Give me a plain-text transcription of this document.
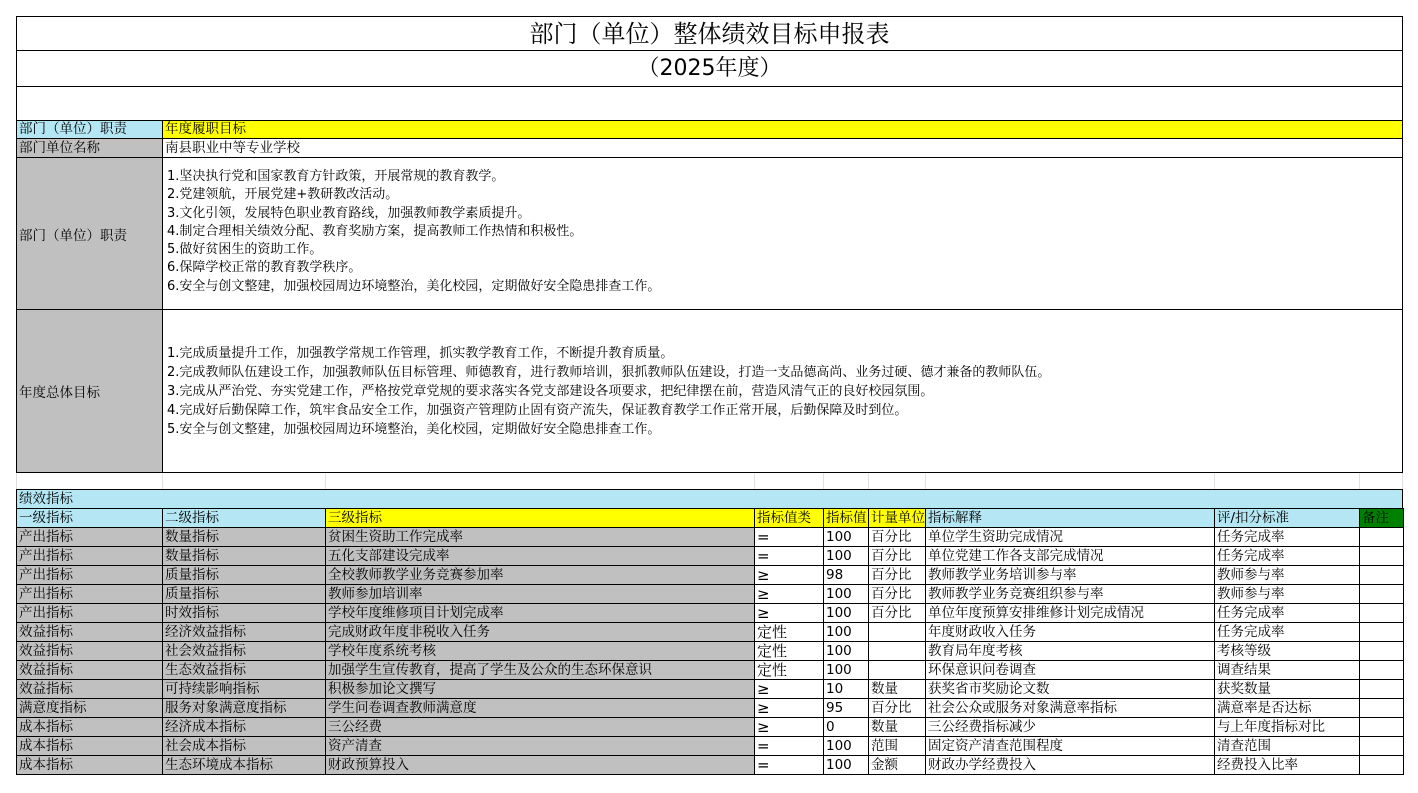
部门（单位）整体绩效目标申报表
（2025年度）
部门（单位）职责	年度履职目标
部门单位名称	南县职业中等专业学校
部门（单位）职责
1.坚决执行党和国家教育方针政策，开展常规的教育教学。
2.党建领航，开展党建+教研教改活动。
3.文化引领，发展特色职业教育路线，加强教师教学素质提升。
4.制定合理相关绩效分配、教育奖励方案，提高教师工作热情和积极性。
5.做好贫困生的资助工作。
6.保障学校正常的教育教学秩序。
6.安全与创文整建，加强校园周边环境整治，美化校园，定期做好安全隐患排查工作。
年度总体目标
1.完成质量提升工作，加强教学常规工作管理，抓实教学教育工作，不断提升教育质量。
2.完成教师队伍建设工作，加强教师队伍目标管理、师德教育，进行教师培训，狠抓教师队伍建设，打造一支品德高尚、业务过硬、德才兼备的教师队伍。
3.完成从严治党、夯实党建工作，严格按党章党规的要求落实各党支部建设各项要求，把纪律摆在前，营造风清气正的良好校园氛围。
4.完成好后勤保障工作，筑牢食品安全工作，加强资产管理防止固有资产流失，保证教育教学工作正常开展，后勤保障及时到位。
5.安全与创文整建，加强校园周边环境整治，美化校园，定期做好安全隐患排查工作。
绩效指标
一级指标	二级指标	三级指标	指标值类	指标值	计量单位	指标解释	评/扣分标准	备注
产出指标	数量指标	贫困生资助工作完成率	=	100	百分比	单位学生资助完成情况	任务完成率	
产出指标	数量指标	五化支部建设完成率	=	100	百分比	单位党建工作各支部完成情况	任务完成率	
产出指标	质量指标	全校教师教学业务竞赛参加率	≥	98	百分比	教师教学业务培训参与率	教师参与率	
产出指标	质量指标	教师参加培训率	≥	100	百分比	教师教学业务竞赛组织参与率	教师参与率	
产出指标	时效指标	学校年度维修项目计划完成率	≥	100	百分比	单位年度预算安排维修计划完成情况	任务完成率	
效益指标	经济效益指标	完成财政年度非税收入任务	定性	100		年度财政收入任务	任务完成率	
效益指标	社会效益指标	学校年度系统考核	定性	100		教育局年度考核	考核等级	
效益指标	生态效益指标	加强学生宣传教育，提高了学生及公众的生态环保意识	定性	100		环保意识问卷调查	调查结果	
效益指标	可持续影响指标	积极参加论文撰写	≥	10	数量	获奖省市奖励论文数	获奖数量	
满意度指标	服务对象满意度指标	学生问卷调查教师满意度	≥	95	百分比	社会公众或服务对象满意率指标	满意率是否达标	
成本指标	经济成本指标	三公经费	≥	0	数量	三公经费指标减少	与上年度指标对比	
成本指标	社会成本指标	资产清查	=	100	范围	固定资产清查范围程度	清查范围	
成本指标	生态环境成本指标	财政预算投入	=	100	金额	财政办学经费投入	经费投入比率	
